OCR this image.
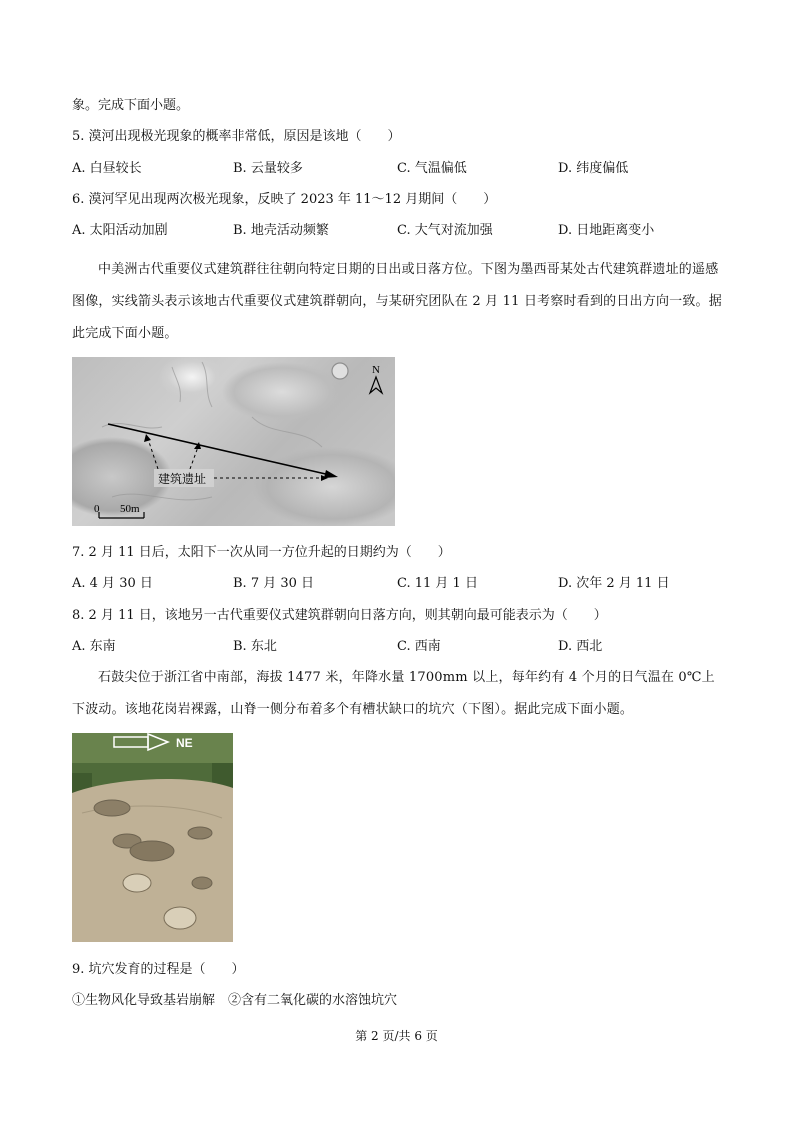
象。完成下面小题。
5. 漠河出现极光现象的概率非常低，原因是该地（　　）
A. 白昼较长	B. 云量较多	C. 气温偏低	D. 纬度偏低
6. 漠河罕见出现两次极光现象，反映了 2023 年 11～12 月期间（　　）
A. 太阳活动加剧	B. 地壳活动频繁	C. 大气对流加强	D. 日地距离变小
中美洲古代重要仪式建筑群往往朝向特定日期的日出或日落方位。下图为墨西哥某处古代建筑群遗址的遥感图像，实线箭头表示该地古代重要仪式建筑群朝向，与某研究团队在 2 月 11 日考察时看到的日出方向一致。据此完成下面小题。
N
建筑遗址
0 50m
7. 2 月 11 日后，太阳下一次从同一方位升起的日期约为（　　）
A. 4 月 30 日	B. 7 月 30 日	C. 11 月 1 日	D. 次年 2 月 11 日
8. 2 月 11 日，该地另一古代重要仪式建筑群朝向日落方向，则其朝向最可能表示为（　　）
A. 东南	B. 东北	C. 西南	D. 西北
石鼓尖位于浙江省中南部，海拔 1477 米，年降水量 1700mm 以上，每年约有 4 个月的日气温在 0℃上下波动。该地花岗岩裸露，山脊一侧分布着多个有槽状缺口的坑穴（下图）。据此完成下面小题。
NE
9. 坑穴发育的过程是（　　）
①生物风化导致基岩崩解　②含有二氧化碳的水溶蚀坑穴
第 2 页/共 6 页
